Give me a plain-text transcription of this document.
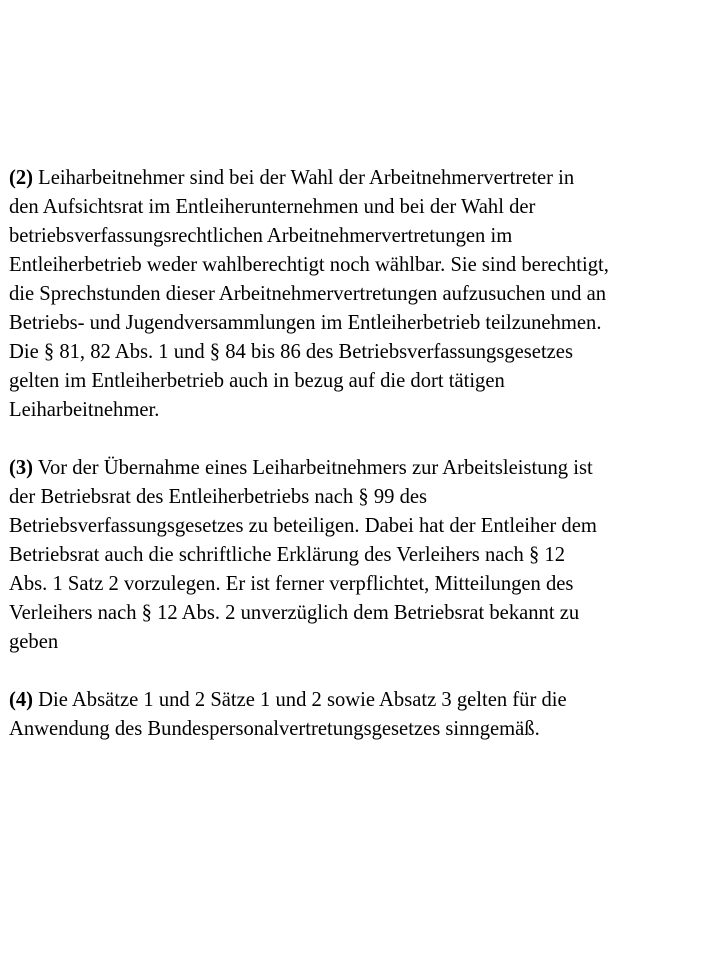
(2) Leiharbeitnehmer sind bei der Wahl der Arbeitnehmervertreter in
den Aufsichtsrat im Entleiherunternehmen und bei der Wahl der
betriebsverfassungsrechtlichen Arbeitnehmervertretungen im
Entleiherbetrieb weder wahlberechtigt noch wählbar. Sie sind berechtigt,
die Sprechstunden dieser Arbeitnehmervertretungen aufzusuchen und an
Betriebs- und Jugendversammlungen im Entleiherbetrieb teilzunehmen.
Die § 81, 82 Abs. 1 und § 84 bis 86 des Betriebsverfassungsgesetzes
gelten im Entleiherbetrieb auch in bezug auf die dort tätigen
Leiharbeitnehmer.

(3) Vor der Übernahme eines Leiharbeitnehmers zur Arbeitsleistung ist
der Betriebsrat des Entleiherbetriebs nach § 99 des
Betriebsverfassungsgesetzes zu beteiligen. Dabei hat der Entleiher dem
Betriebsrat auch die schriftliche Erklärung des Verleihers nach § 12
Abs. 1 Satz 2 vorzulegen. Er ist ferner verpflichtet, Mitteilungen des
Verleihers nach § 12 Abs. 2 unverzüglich dem Betriebsrat bekannt zu
geben

(4) Die Absätze 1 und 2 Sätze 1 und 2 sowie Absatz 3 gelten für die
Anwendung des Bundespersonalvertretungsgesetzes sinngemäß.
